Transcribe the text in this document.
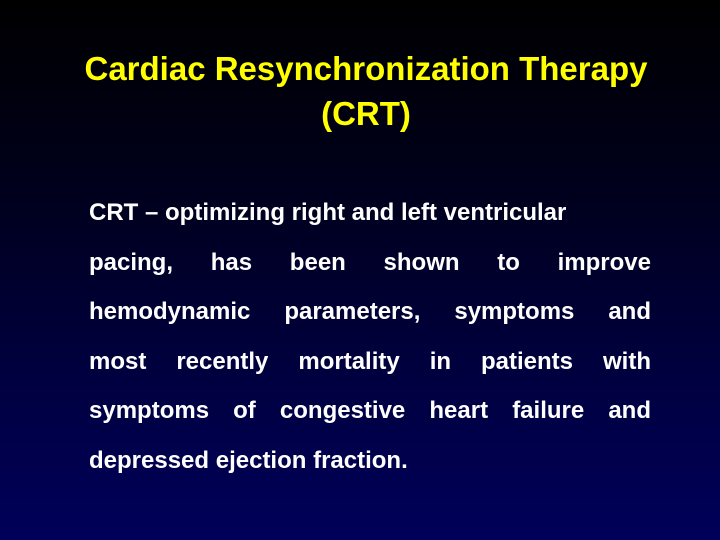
Cardiac Resynchronization Therapy
(CRT)
CRT – optimizing right and left ventricular
pacing, has been shown to improve
hemodynamic parameters, symptoms and
most recently mortality in patients with
symptoms of congestive heart failure and
depressed ejection fraction.
